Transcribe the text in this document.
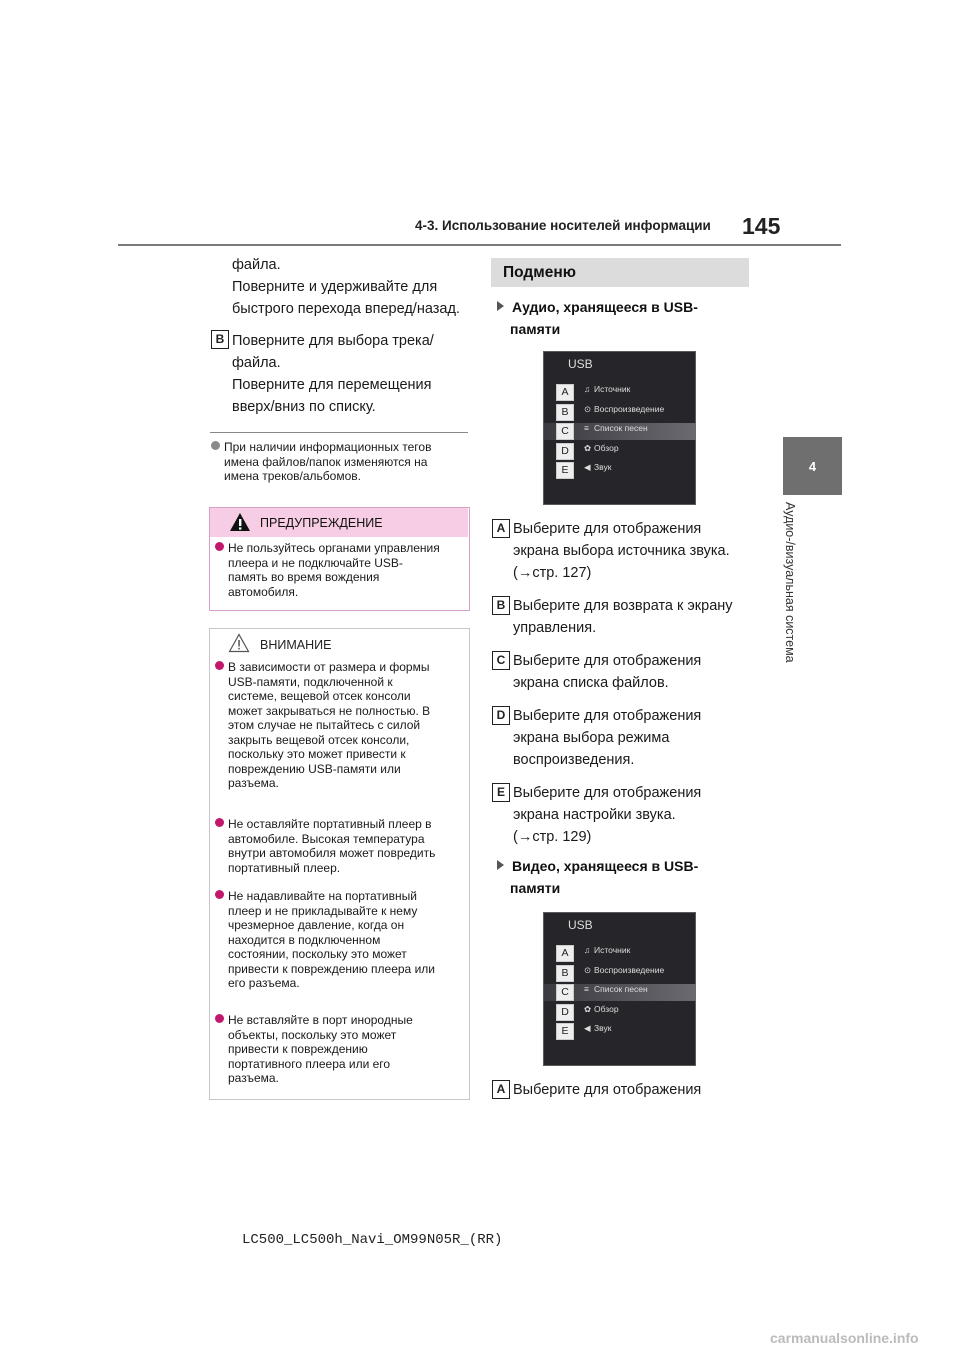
4-3. Использование носителей информации 145
4
Аудио-/визуальная система
файла.
Поверните и удерживайте для
быстрого перехода вперед/назад.
B Поверните для выбора трека/
файла.
Поверните для перемещения
вверх/вниз по списку.
При наличии информационных тегов
имена файлов/папок изменяются на
имена треков/альбомов.
ПРЕДУПРЕЖДЕНИЕ
Не пользуйтесь органами управления
плеера и не подключайте USB-
память во время вождения
автомобиля.
ВНИМАНИЕ
В зависимости от размера и формы
USB-памяти, подключенной к
системе, вещевой отсек консоли
может закрываться не полностью. В
этом случае не пытайтесь с силой
закрыть вещевой отсек консоли,
поскольку это может привести к
повреждению USB-памяти или
разъема.
Не оставляйте портативный плеер в
автомобиле. Высокая температура
внутри автомобиля может повредить
портативный плеер.
Не надавливайте на портативный
плеер и не прикладывайте к нему
чрезмерное давление, когда он
находится в подключенном
состоянии, поскольку это может
привести к повреждению плеера или
его разъема.
Не вставляйте в порт инородные
объекты, поскольку это может
привести к повреждению
портативного плеера или его
разъема.
Подменю
Аудио, хранящееся в USB-
памяти
USB
A	♫ Источник
B	⊙ Воспроизведение
C	≡ Список песен
D	✿ Обзор
E	◀ Звук
A Выберите для отображения
экрана выбора источника звука.
(→стр. 127)
B Выберите для возврата к экрану
управления.
C Выберите для отображения
экрана списка файлов.
D Выберите для отображения
экрана выбора режима
воспроизведения.
E Выберите для отображения
экрана настройки звука.
(→стр. 129)
Видео, хранящееся в USB-
памяти
USB
A	♫ Источник
B	⊙ Воспроизведение
C	≡ Список песен
D	✿ Обзор
E	◀ Звук
A Выберите для отображения
LC500_LC500h_Navi_OM99N05R_(RR)
carmanualsonline.info
